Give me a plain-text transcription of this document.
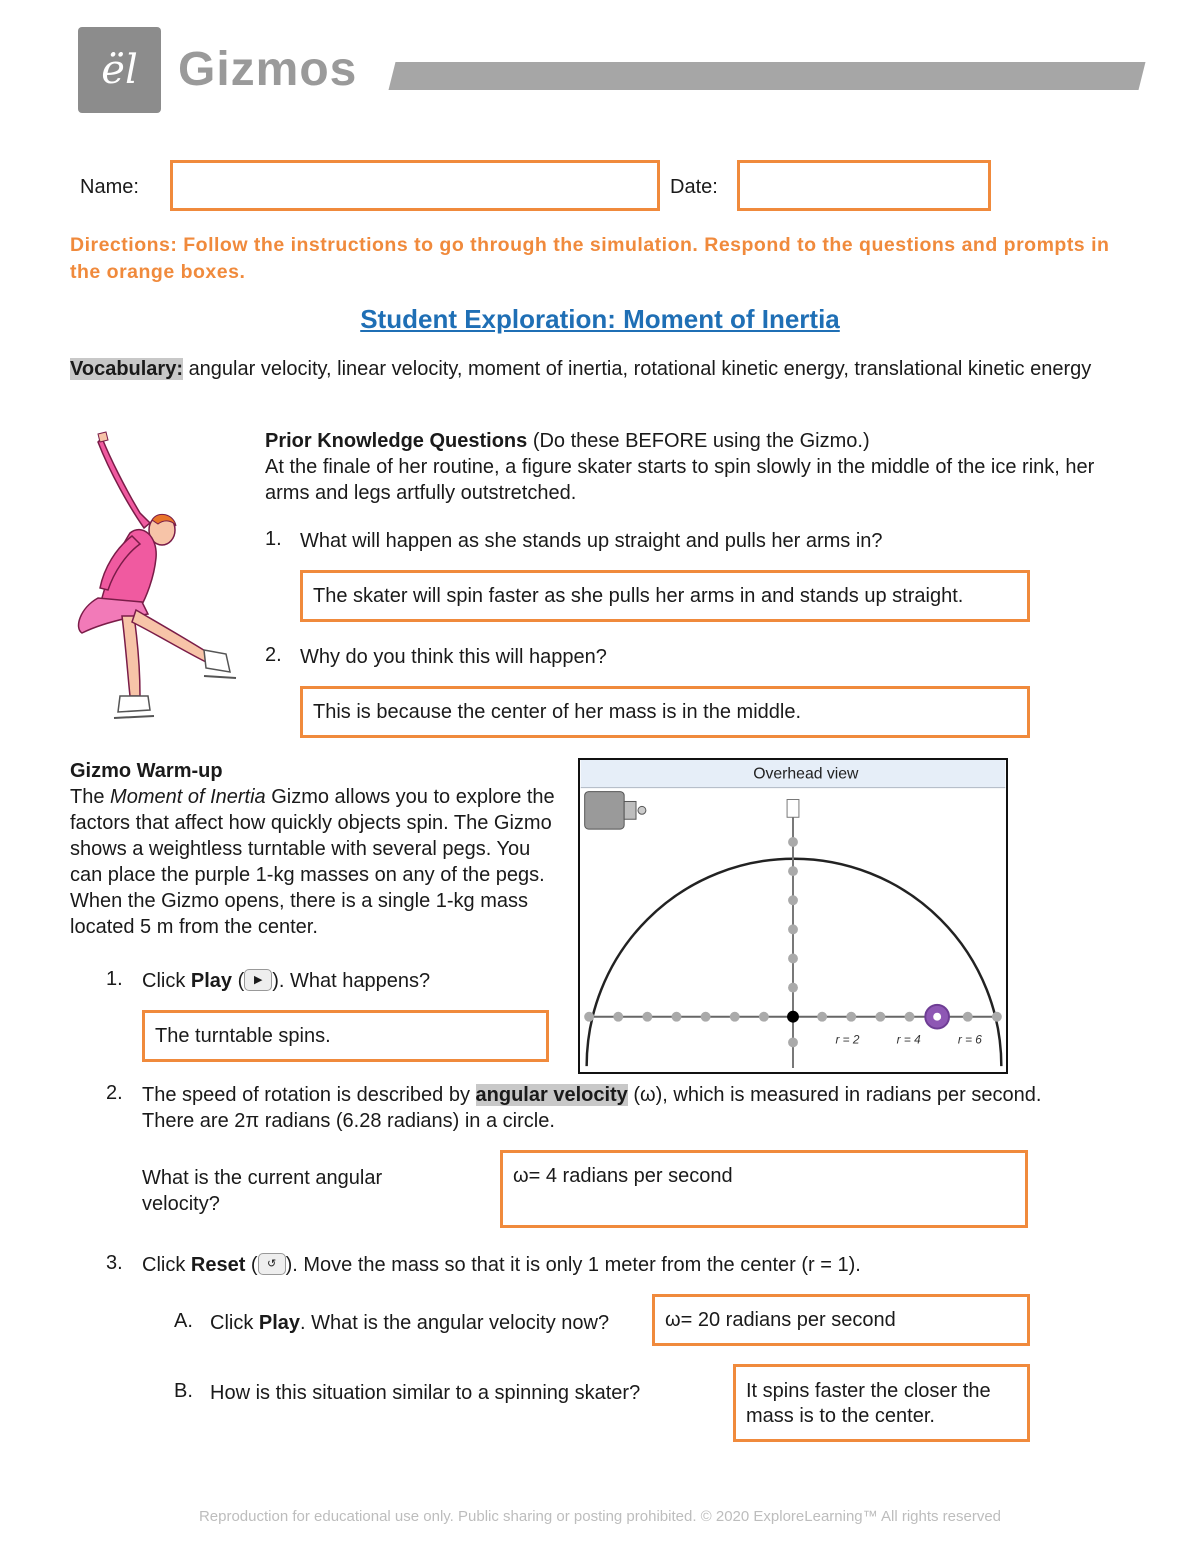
ël Gizmos
Name:	Date:
Directions: Follow the instructions to go through the simulation. Respond to the questions and prompts in the orange boxes.
Student Exploration: Moment of Inertia
Vocabulary: angular velocity, linear velocity, moment of inertia, rotational kinetic energy, translational kinetic energy
Prior Knowledge Questions (Do these BEFORE using the Gizmo.)
At the finale of her routine, a figure skater starts to spin slowly in the middle of the ice rink, her arms and legs artfully outstretched.
1. What will happen as she stands up straight and pulls her arms in?
The skater will spin faster as she pulls her arms in and stands up straight.
2. Why do you think this will happen?
This is because the center of her mass is in the middle.
Gizmo Warm-up
The Moment of Inertia Gizmo allows you to explore the factors that affect how quickly objects spin. The Gizmo shows a weightless turntable with several pegs. You can place the purple 1-kg masses on any of the pegs. When the Gizmo opens, there is a single 1-kg mass located 5 m from the center.
Overhead view
r = 2	r = 4	r = 6
1. Click Play ( ▶ ). What happens?
The turntable spins.
2. The speed of rotation is described by angular velocity (ω), which is measured in radians per second.
There are 2π radians (6.28 radians) in a circle.
What is the current angular velocity?
ω= 4 radians per second
3. Click Reset ( ↺ ). Move the mass so that it is only 1 meter from the center (r = 1).
A. Click Play. What is the angular velocity now?	ω= 20 radians per second
B. How is this situation similar to a spinning skater?	It spins faster the closer the mass is to the center.
Reproduction for educational use only. Public sharing or posting prohibited. © 2020 ExploreLearning™ All rights reserved
